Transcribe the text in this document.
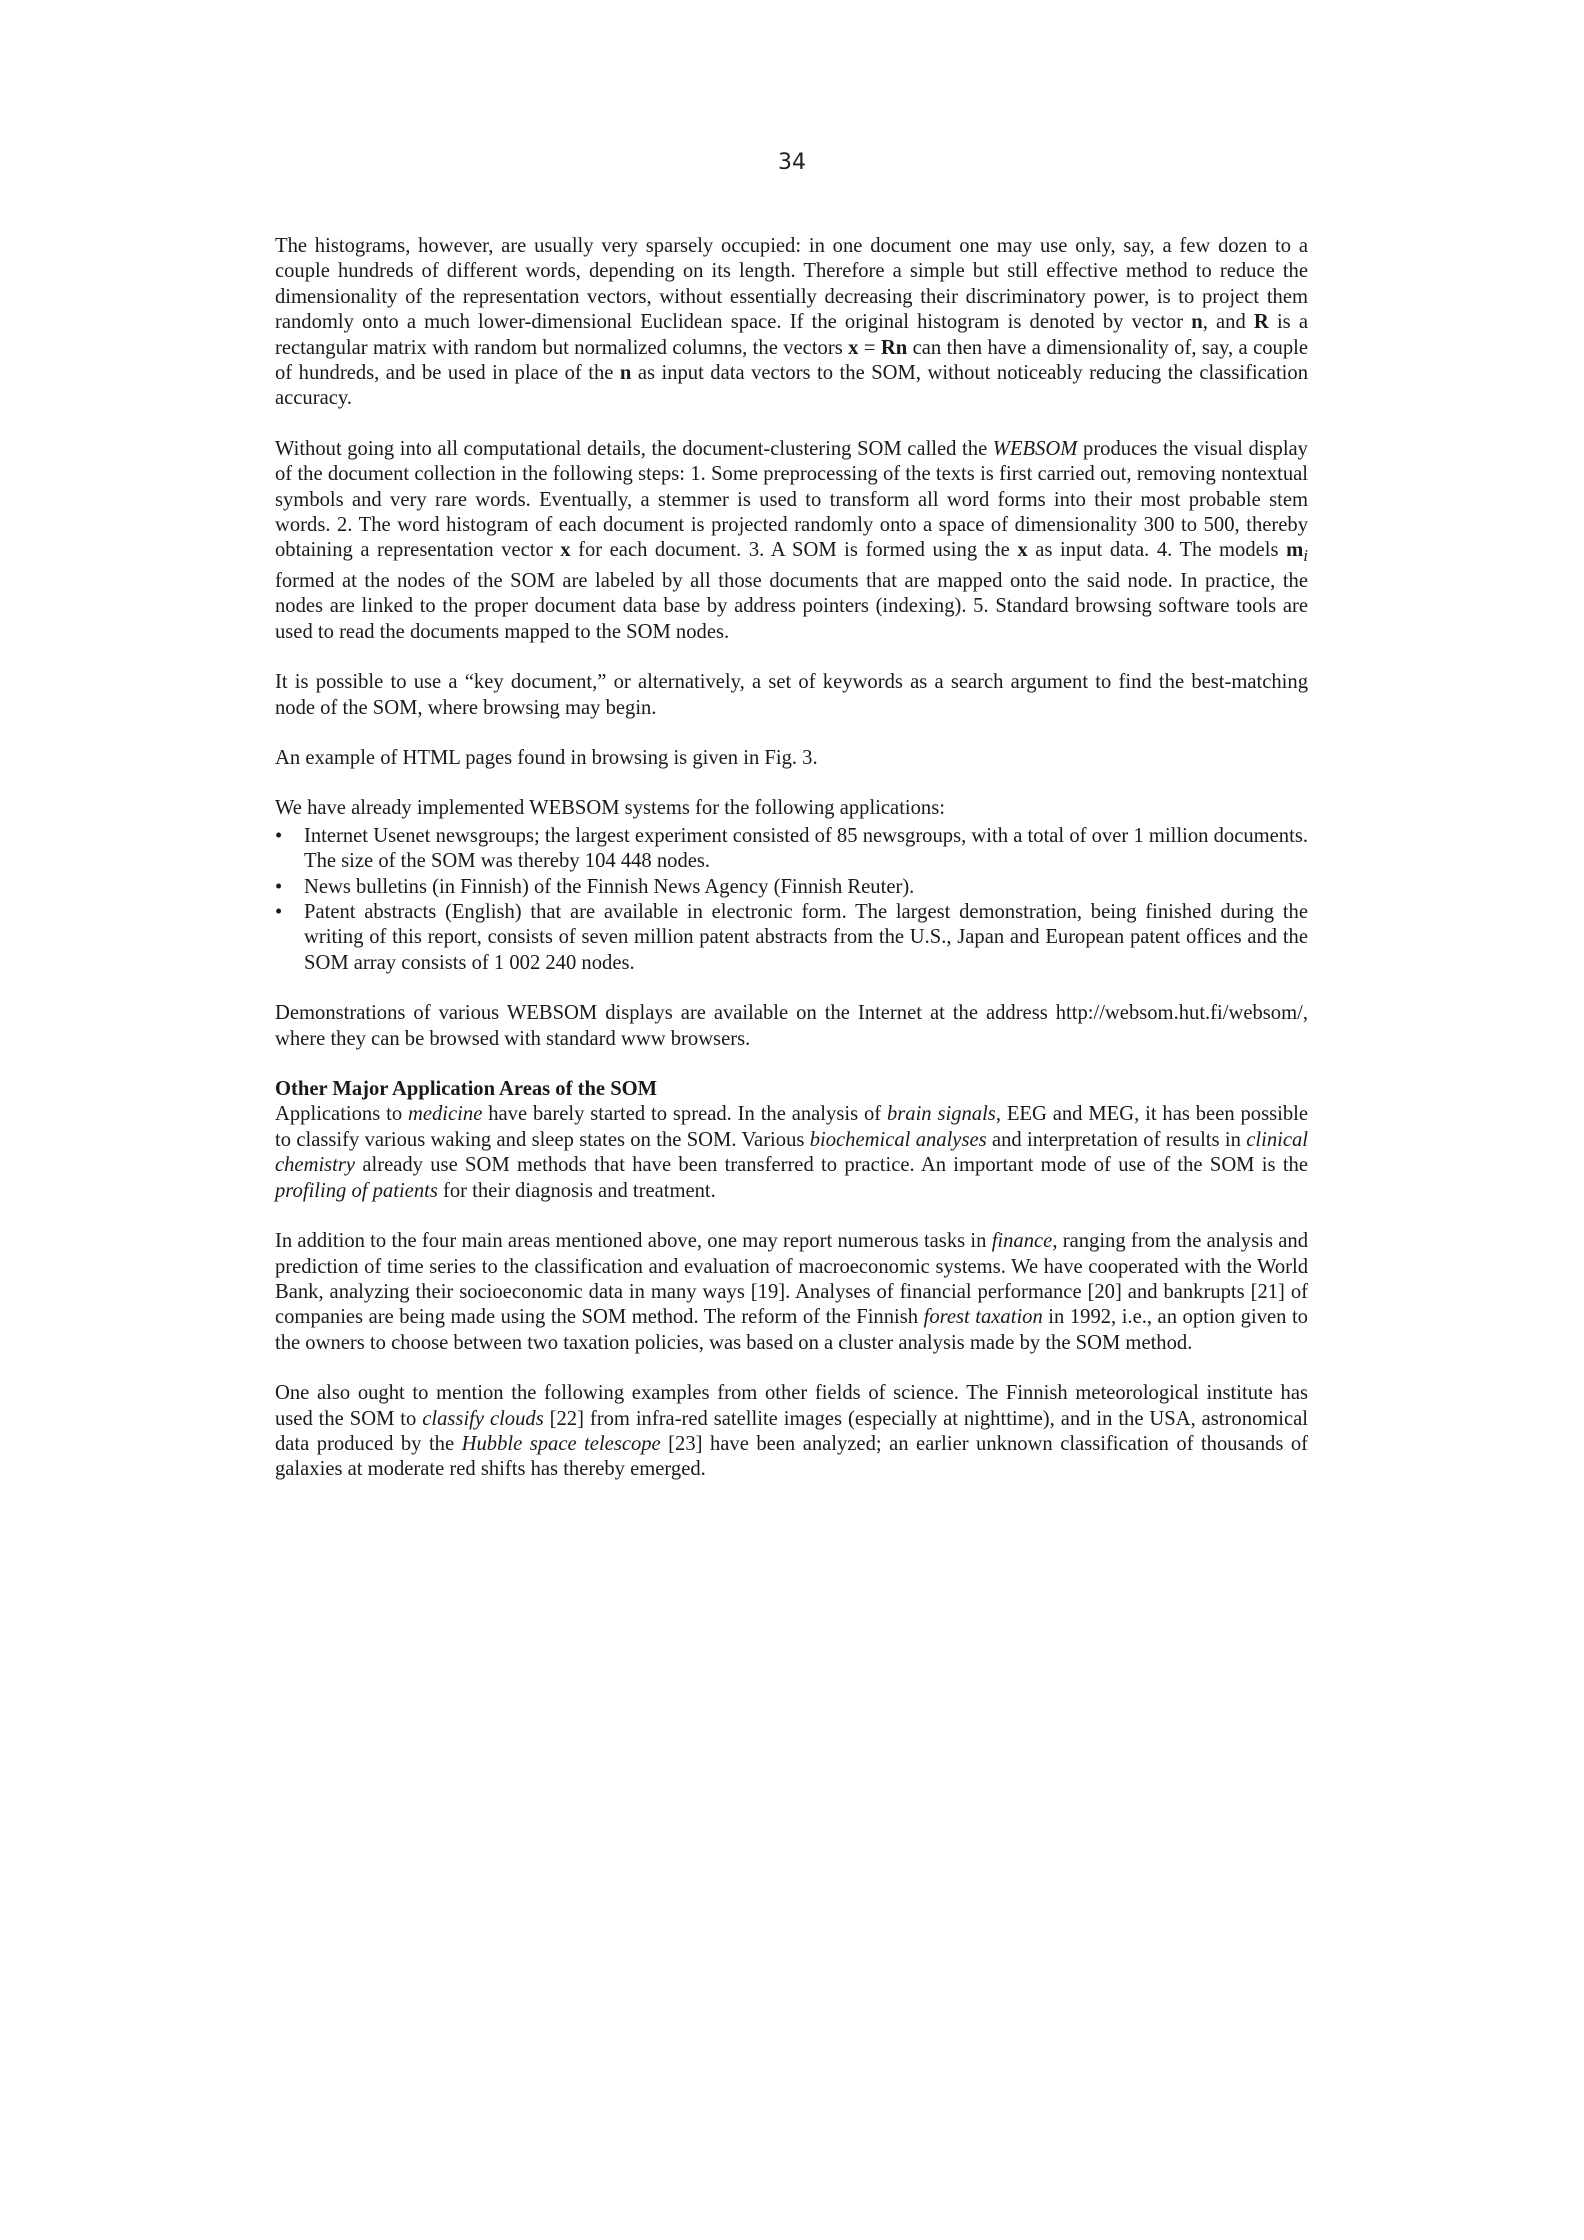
34

The histograms, however, are usually very sparsely occupied: in one document one may use only, say, a few dozen to a couple hundreds of different words, depending on its length. Therefore a simple but still effective method to reduce the dimensionality of the representation vectors, without essentially decreasing their discriminatory power, is to project them randomly onto a much lower-dimensional Euclidean space. If the original histogram is denoted by vector n, and R is a rectangular matrix with random but normalized columns, the vectors x = Rn can then have a dimensionality of, say, a couple of hundreds, and be used in place of the n as input data vectors to the SOM, without noticeably reducing the classification accuracy.

Without going into all computational details, the document-clustering SOM called the WEBSOM produces the visual display of the document collection in the following steps: 1. Some preprocessing of the texts is first carried out, removing nontextual symbols and very rare words. Eventually, a stemmer is used to transform all word forms into their most probable stem words. 2. The word histogram of each document is projected randomly onto a space of dimensionality 300 to 500, thereby obtaining a representation vector x for each document. 3. A SOM is formed using the x as input data. 4. The models $m_i$ formed at the nodes of the SOM are labeled by all those documents that are mapped onto the said node. In practice, the nodes are linked to the proper document data base by address pointers (indexing). 5. Standard browsing software tools are used to read the documents mapped to the SOM nodes.

It is possible to use a “key document,” or alternatively, a set of keywords as a search argument to find the best-matching node of the SOM, where browsing may begin.

An example of HTML pages found in browsing is given in Fig. 3.

We have already implemented WEBSOM systems for the following applications:

• Internet Usenet newsgroups; the largest experiment consisted of 85 newsgroups, with a total of over 1 million documents. The size of the SOM was thereby 104 448 nodes.
• News bulletins (in Finnish) of the Finnish News Agency (Finnish Reuter).
• Patent abstracts (English) that are available in electronic form. The largest demonstration, being finished during the writing of this report, consists of seven million patent abstracts from the U.S., Japan and European patent offices and the SOM array consists of 1 002 240 nodes.

Demonstrations of various WEBSOM displays are available on the Internet at the address http://websom.hut.fi/websom/, where they can be browsed with standard www browsers.

Other Major Application Areas of the SOM

Applications to medicine have barely started to spread. In the analysis of brain signals, EEG and MEG, it has been possible to classify various waking and sleep states on the SOM. Various biochemical analyses and interpretation of results in clinical chemistry already use SOM methods that have been transferred to practice. An important mode of use of the SOM is the profiling of patients for their diagnosis and treatment.

In addition to the four main areas mentioned above, one may report numerous tasks in finance, ranging from the analysis and prediction of time series to the classification and evaluation of macroeconomic systems. We have cooperated with the World Bank, analyzing their socioeconomic data in many ways [19]. Analyses of financial performance [20] and bankrupts [21] of companies are being made using the SOM method. The reform of the Finnish forest taxation in 1992, i.e., an option given to the owners to choose between two taxation policies, was based on a cluster analysis made by the SOM method.

One also ought to mention the following examples from other fields of science. The Finnish meteorological institute has used the SOM to classify clouds [22] from infra-red satellite images (especially at nighttime), and in the USA, astronomical data produced by the Hubble space telescope [23] have been analyzed; an earlier unknown classification of thousands of galaxies at moderate red shifts has thereby emerged.
